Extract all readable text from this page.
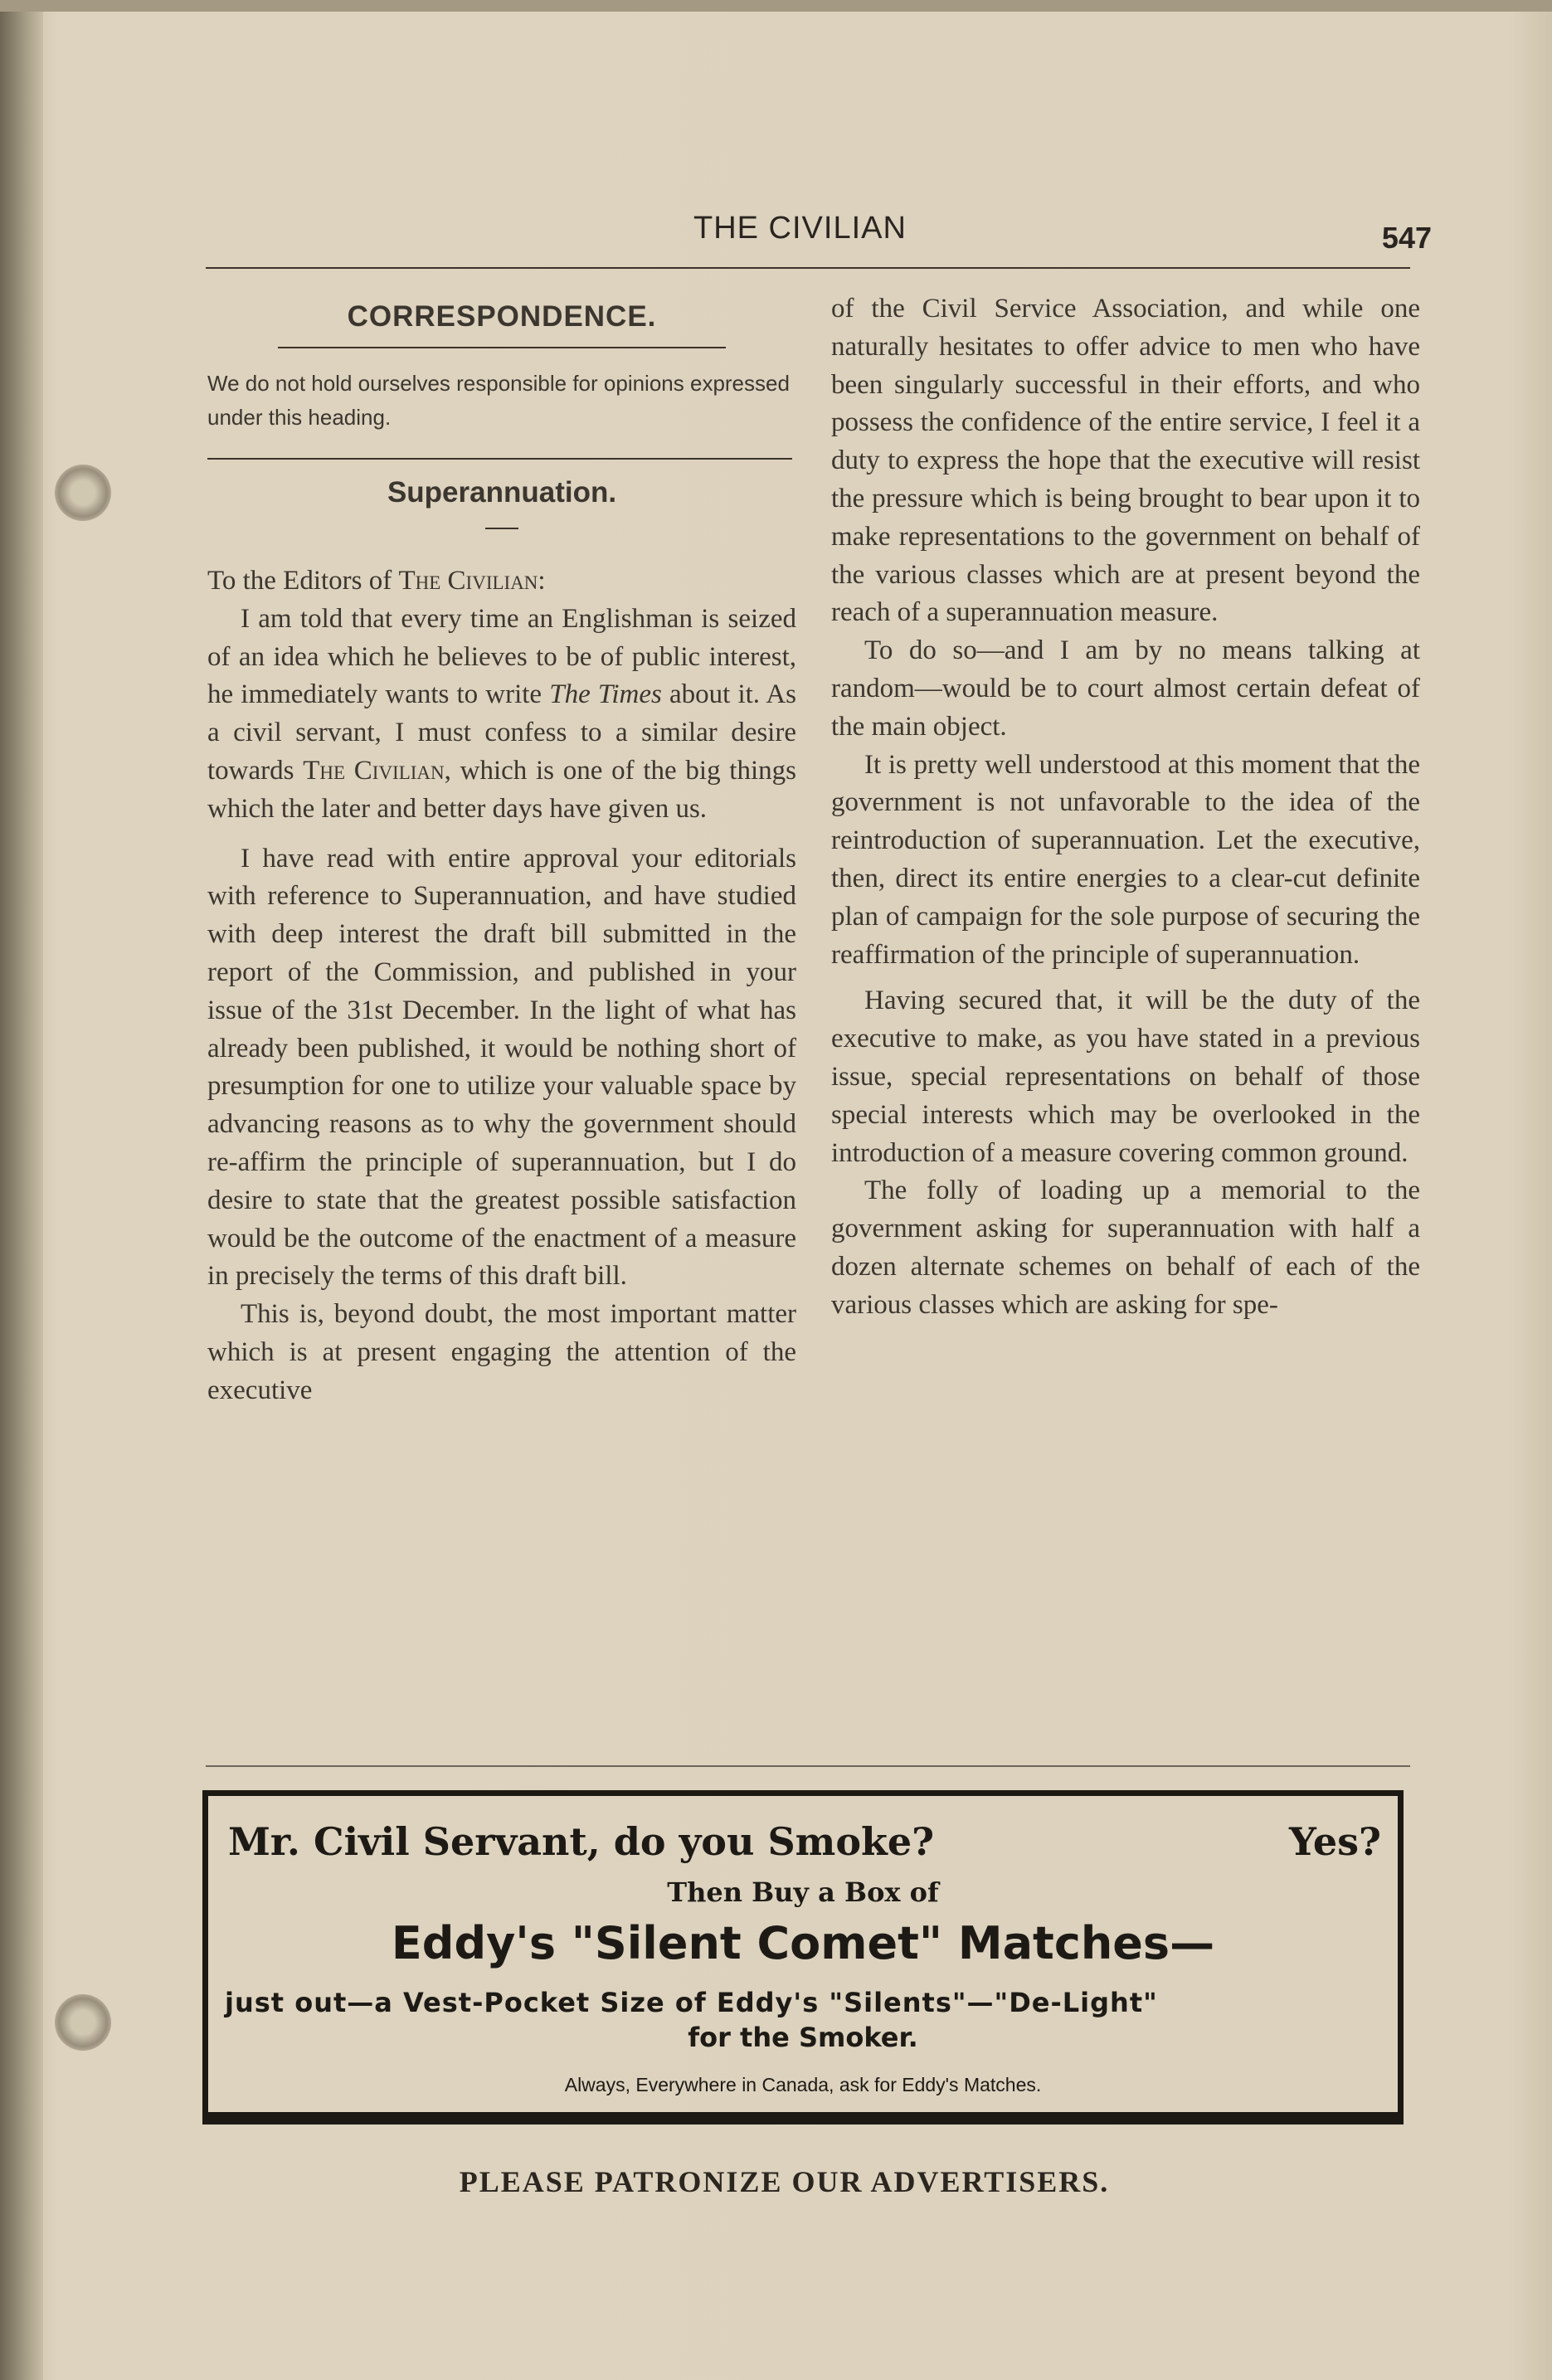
THE CIVILIAN	547
CORRESPONDENCE.

We do not hold ourselves responsible for opinions expressed under this heading.

Superannuation.

To the Editors of The Civilian:

I am told that every time an Englishman is seized of an idea which he believes to be of public interest, he immediately wants to write The Times about it. As a civil servant, I must confess to a similar desire towards The Civilian, which is one of the big things which the later and better days have given us.

I have read with entire approval your editorials with reference to Superannuation, and have studied with deep interest the draft bill submitted in the report of the Commission, and published in your issue of the 31st December. In the light of what has already been published, it would be nothing short of presumption for one to utilize your valuable space by advancing reasons as to why the government should re-affirm the principle of superannuation, but I do desire to state that the greatest possible satisfaction would be the outcome of the enactment of a measure in precisely the terms of this draft bill.

This is, beyond doubt, the most important matter which is at present engaging the attention of the executive

of the Civil Service Association, and while one naturally hesitates to offer advice to men who have been singularly successful in their efforts, and who possess the confidence of the entire service, I feel it a duty to express the hope that the executive will resist the pressure which is being brought to bear upon it to make representations to the government on behalf of the various classes which are at present beyond the reach of a superannuation measure.

To do so—and I am by no means talking at random—would be to court almost certain defeat of the main object.

It is pretty well understood at this moment that the government is not unfavorable to the idea of the reintroduction of superannuation. Let the executive, then, direct its entire energies to a clear-cut definite plan of campaign for the sole purpose of securing the reaffirmation of the principle of superannuation.

Having secured that, it will be the duty of the executive to make, as you have stated in a previous issue, special representations on behalf of those special interests which may be overlooked in the introduction of a measure covering common ground.

The folly of loading up a memorial to the government asking for superannuation with half a dozen alternate schemes on behalf of each of the various classes which are asking for spe-

Mr. Civil Servant, do you Smoke?	Yes?
Then Buy a Box of
Eddy's "Silent Comet" Matches—
just out—a Vest-Pocket Size of Eddy's "Silents"—"De-Light"
for the Smoker.
Always, Everywhere in Canada, ask for Eddy's Matches.
PLEASE PATRONIZE OUR ADVERTISERS.
